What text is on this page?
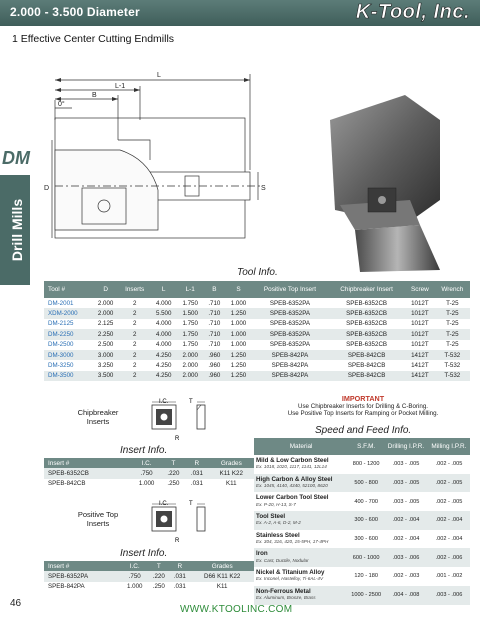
2.000 - 3.500 Diameter	K-Tool, Inc.
1 Effective Center Cutting Endmills
DM
Drill Mills
L
L-1
B
0°
D	S
Tool Info.
Tool #	D	Inserts	L	L-1	B	S	Positive Top Insert	Chipbreaker Insert	Screw	Wrench
DM-2001	2.000	2	4.000	1.750	.710	1.000	SPEB-6352PA	SPEB-6352CB	1012T	T-25
XDM-2000	2.000	2	5.500	1.500	.710	1.250	SPEB-6352PA	SPEB-6352CB	1012T	T-25
DM-2125	2.125	2	4.000	1.750	.710	1.000	SPEB-6352PA	SPEB-6352CB	1012T	T-25
DM-2250	2.250	2	4.000	1.750	.710	1.000	SPEB-6352PA	SPEB-6352CB	1012T	T-25
DM-2500	2.500	2	4.000	1.750	.710	1.000	SPEB-6352PA	SPEB-6352CB	1012T	T-25
DM-3000	3.000	2	4.250	2.000	.960	1.250	SPEB-842PA	SPEB-842CB	1412T	T-532
DM-3250	3.250	2	4.250	2.000	.960	1.250	SPEB-842PA	SPEB-842CB	1412T	T-532
DM-3500	3.500	2	4.250	2.000	.960	1.250	SPEB-842PA	SPEB-842CB	1412T	T-532
Chipbreaker
Inserts
I.C.	T
R
Insert Info.
Insert #	I.C.	T	R	Grades
SPEB-6352CB	.750	.220	.031	K11 K22
SPEB-842CB	1.000	.250	.031	K11
Positive Top
Inserts
I.C.	T
R
Insert Info.
Insert #	I.C.	T	R	Grades
SPEB-6352PA	.750	.220	.031	D66 K11 K22
SPEB-842PA	1.000	.250	.031	K11
IMPORTANT
Use Chipbreaker Inserts for Drilling & C-Boring.
Use Positive Top Inserts for Ramping or Pocket Milling.
Speed and Feed Info.
Material	S.F.M.	Drilling I.P.R.	Milling I.P.R.

Mild & Low Carbon Steel
Ex. 1018, 1020, 1117, 1141, 12L14	800 - 1200	.003 - .005	.002 - .005

High Carbon & Alloy Steel
Ex. 1045, 4140, 4340, 52100, 8620	500 - 800	.003 - .005	.002 - .005

Lower Carbon Tool Steel
Ex. P-20, H-13, S-7	400 - 700	.003 - .005	.002 - .005

Tool Steel
Ex. A-2, A-6, D-2, M-2	300 - 600	.002 - .004	.002 - .004

Stainless Steel
Ex. 304, 316, 420, 15-5PH, 17-4PH	300 - 600	.002 - .004	.002 - .004

Iron
Ex. Cast, Ductile, Nodular	600 - 1000	.003 - .006	.002 - .006

Nickel & Titanium Alloy
Ex. Inconel, Hastelloy, Ti-6AL-4V	120 - 180	.002 - .003	.001 - .002

Non-Ferrous Metal
Ex. Aluminum, Bronze, Brass	1000 - 2500	.004 - .008	.003 - .006
46
WWW.KTOOLINC.COM
